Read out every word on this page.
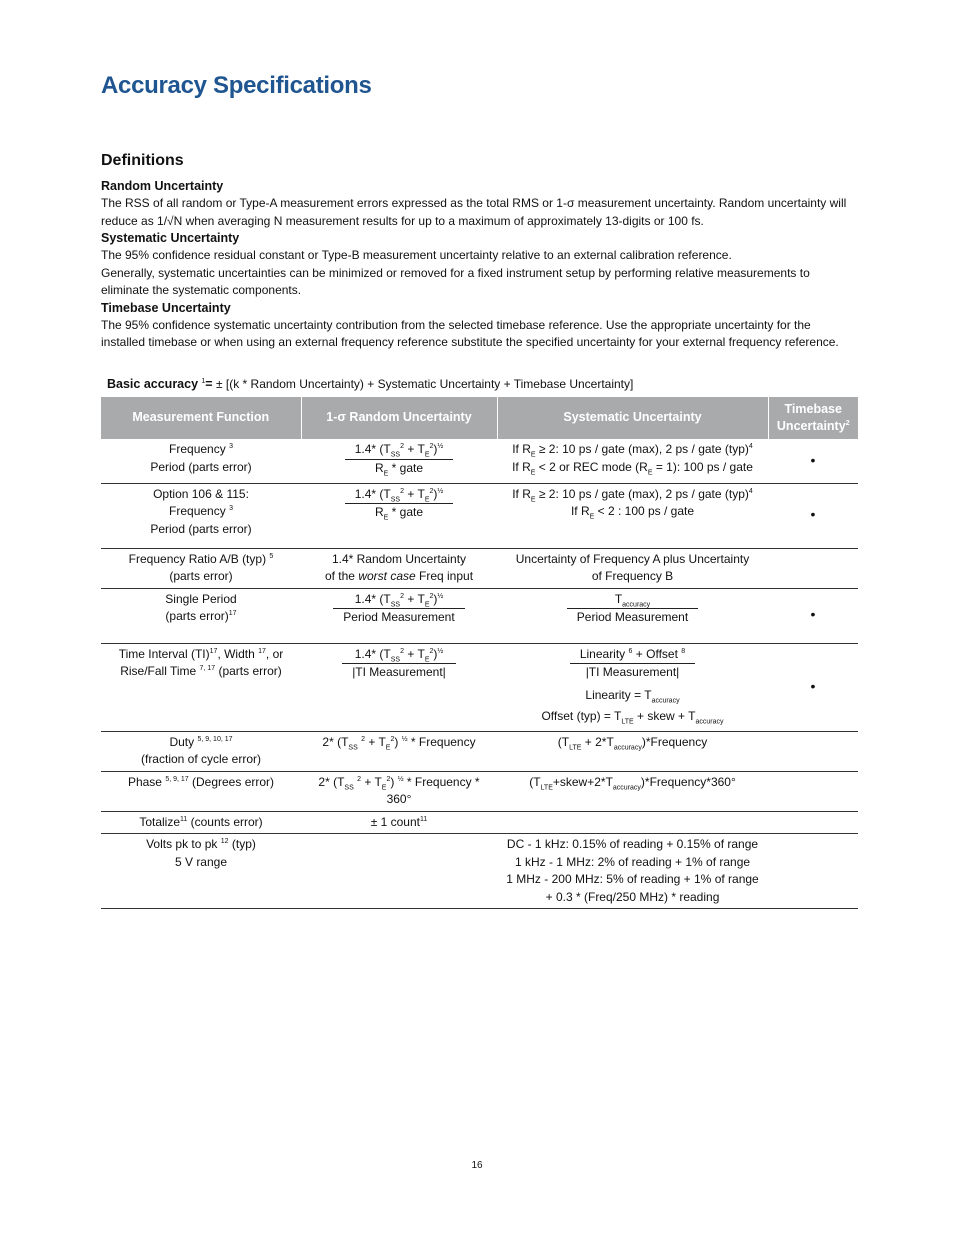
Accuracy Specifications
Definitions

Random Uncertainty

The RSS of all random or Type-A measurement errors expressed as the total RMS or 1-σ measurement uncertainty. Random uncertainty will reduce as 1/√N when averaging N measurement results for up to a maximum of approximately 13-digits or 100 fs.

Systematic Uncertainty

The 95% confidence residual constant or Type-B measurement uncertainty relative to an external calibration reference.

Generally, systematic uncertainties can be minimized or removed for a fixed instrument setup by performing relative measurements to eliminate the systematic components.

Timebase Uncertainty

The 95% confidence systematic uncertainty contribution from the selected timebase reference. Use the appropriate uncertainty for the installed timebase or when using an external frequency reference substitute the specified uncertainty for your external frequency reference.

Basic accuracy $^1$= ± [(k * Random Uncertainty) + Systematic Uncertainty + Timebase Uncertainty]
Measurement Function	1-σ Random Uncertainty	Systematic Uncertainty	Timebase Uncertainty$^2$
Frequency $^3$
Period (parts error)	$\frac{1.4* (T_{SS}^2 + T_E^2)^{\frac{1}{2}}}{R_E * gate}$	If $R_E \ge 2$: 10 ps / gate (max), 2 ps / gate (typ)$^4$
If $R_E < 2$ or REC mode $(R_E = 1)$: 100 ps / gate	•
Option 106 & 115:
Frequency $^3$
Period (parts error)	$\frac{1.4* (T_{SS}^2 + T_E^2)^{\frac{1}{2}}}{R_E * gate}$	If $R_E \ge 2$: 10 ps / gate (max), 2 ps / gate (typ)$^4$
If $R_E < 2$ : 100 ps / gate	•
Frequency Ratio A/B (typ) $^5$
(parts error)	1.4* Random Uncertainty
of the worst case Freq input	Uncertainty of Frequency A plus Uncertainty
of Frequency B	
Single Period
(parts error)$^{17}$	$\frac{1.4* (T_{SS}^2 + T_E^2)^{\frac{1}{2}}}{\text{Period Measurement}}$	$\frac{T_{accuracy}}{\text{Period Measurement}}$	•
Time Interval (TI)$^{17}$, Width $^{17}$, or
Rise/Fall Time $^{7, 17}$ (parts error)	$\frac{1.4* (T_{SS}^2 + T_E^2)^{\frac{1}{2}}}{\text{|TI Measurement|}}$	$\frac{Linearity ^6 + Offset ^8}{\text{|TI Measurement|}}$

Linearity = $T_{accuracy}$
Offset $(typ) = T_{LTE}$ + skew + $T_{accuracy}$	•
Duty $^{5, 9, 10, 17}$
(fraction of cycle error)	2* ($T_{SS}$ $^2 + T_E^2$) $^{\frac{1}{2}}$ * Frequency	($T_{LTE}$ + $2*T_{accuracy})*Frequency$	
Phase $^{5, 9, 17}$ (Degrees error)	2* ($T_{SS}$ $^2 + T_E^2$) $^{\frac{1}{2}}$ * Frequency *
360°	$(T_{LTE}+skew+2*T_{accuracy})*Frequency*360^\circ$	
Totalize$^{11}$ (counts error)	± 1 count$^{11}$		
Volts pk to pk $^{12}$ (typ)
5 V range		DC - 1 kHz: 0.15% of reading + 0.15% of range
1 kHz - 1 MHz: 2% of reading + 1% of range
1 MHz - 200 MHz: 5% of reading + 1% of range
+ 0.3 * (Freq/250 MHz) * reading	
16
